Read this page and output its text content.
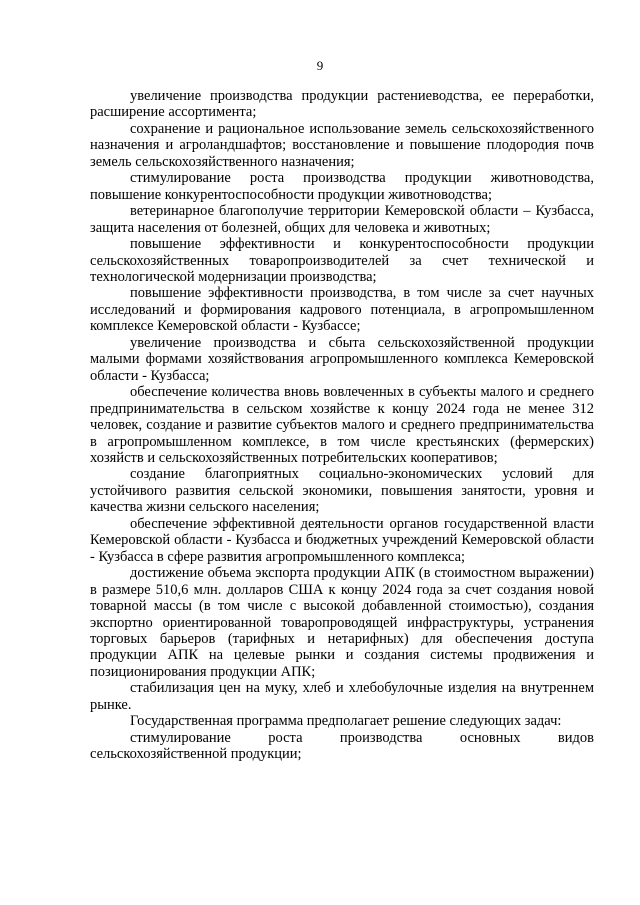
9

увеличение производства продукции растениеводства, ее переработки, расширение ассортимента;

сохранение и рациональное использование земель сельскохозяйственного назначения и агроландшафтов; восстановление и повышение плодородия почв земель сельскохозяйственного назначения;

стимулирование роста производства продукции животноводства, повышение конкурентоспособности продукции животноводства;

ветеринарное благополучие территории Кемеровской области – Кузбасса, защита населения от болезней, общих для человека и животных;

повышение эффективности и конкурентоспособности продукции сельскохозяйственных товаропроизводителей за счет технической и технологической модернизации производства;

повышение эффективности производства, в том числе за счет научных исследований и формирования кадрового потенциала, в агропромышленном комплексе Кемеровской области - Кузбассе;

увеличение производства и сбыта сельскохозяйственной продукции малыми формами хозяйствования агропромышленного комплекса Кемеровской области - Кузбасса;

обеспечение количества вновь вовлеченных в субъекты малого и среднего предпринимательства в сельском хозяйстве к концу 2024 года не менее 312 человек, создание и развитие субъектов малого и среднего предпринимательства в агропромышленном комплексе, в том числе крестьянских (фермерских) хозяйств и сельскохозяйственных потребительских кооперативов;

создание благоприятных социально-экономических условий для устойчивого развития сельской экономики, повышения занятости, уровня и качества жизни сельского населения;

обеспечение эффективной деятельности органов государственной власти Кемеровской области - Кузбасса и бюджетных учреждений Кемеровской области - Кузбасса в сфере развития агропромышленного комплекса;

достижение объема экспорта продукции АПК (в стоимостном выражении) в размере 510,6 млн. долларов США к концу 2024 года за счет создания новой товарной массы (в том числе с высокой добавленной стоимостью), создания экспортно ориентированной товаропроводящей инфраструктуры, устранения торговых барьеров (тарифных и нетарифных) для обеспечения доступа продукции АПК на целевые рынки и создания системы продвижения и позиционирования продукции АПК;

стабилизация цен на муку, хлеб и хлебобулочные изделия на внутреннем рынке.

Государственная программа предполагает решение следующих задач:

стимулирование роста производства основных видов сельскохозяйственной продукции;
